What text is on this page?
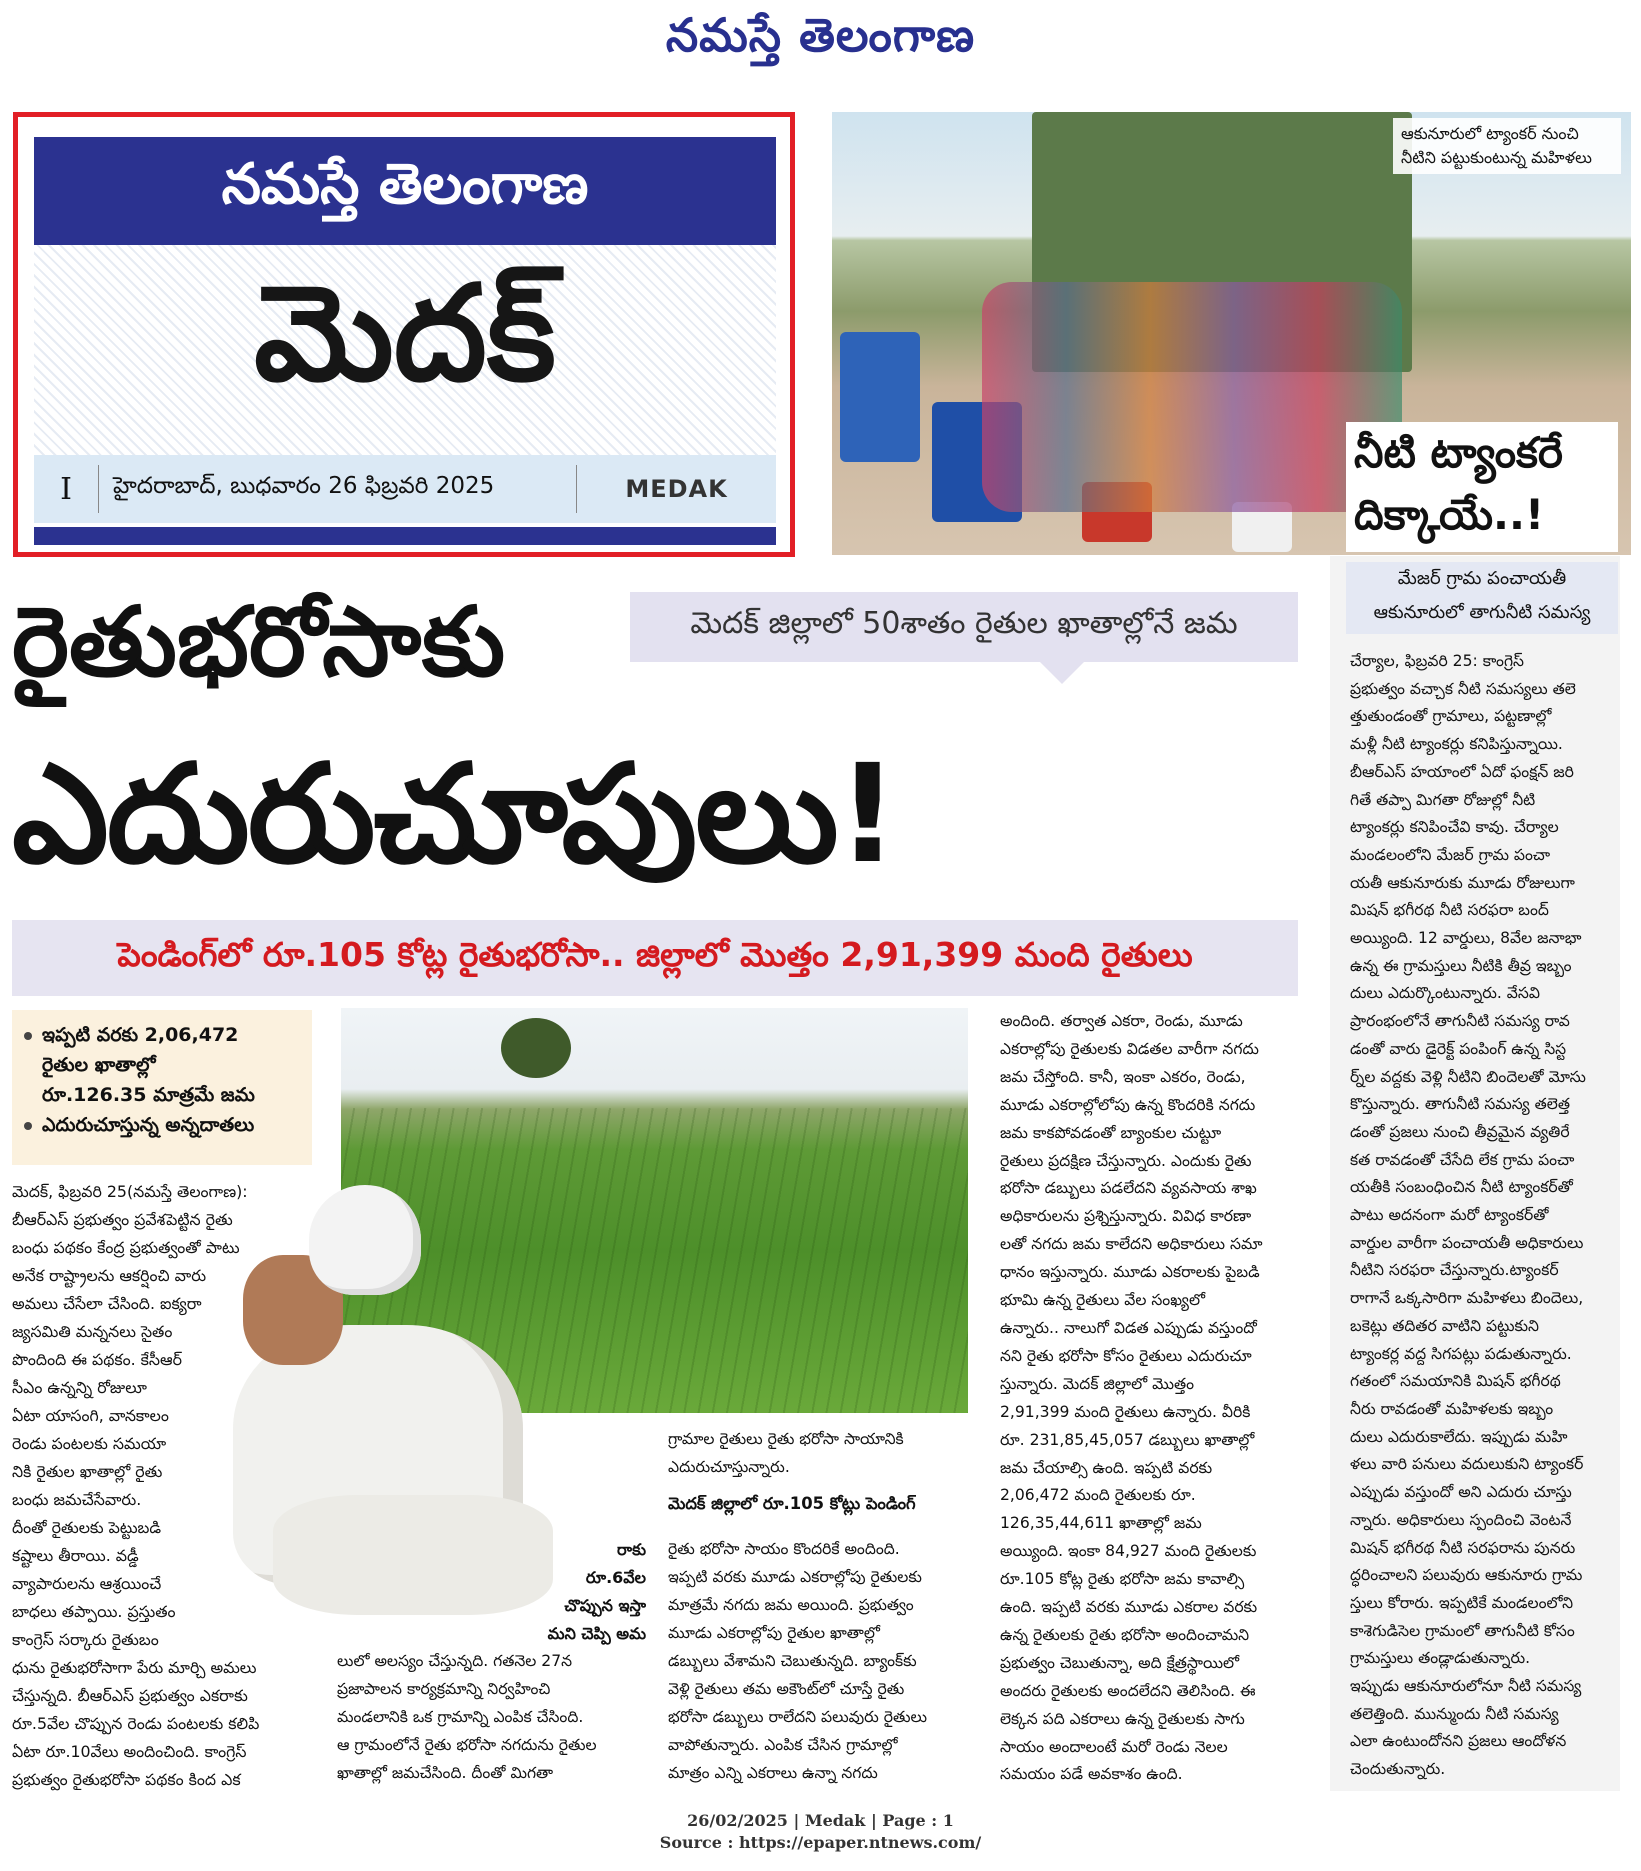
నమస్తే తెలంగాణ
నమస్తే తెలంగాణ
మెదక్
I	హైదరాబాద్, బుధవారం 26 ఫిబ్రవరి 2025	MEDAK
ఆకునూరులో ట్యాంకర్ నుంచి
నీటిని పట్టుకుంటున్న మహిళలు
నీటి ట్యాంకరే
దిక్కాయే..!
మేజర్ గ్రామ పంచాయతీ
ఆకునూరులో తాగునీటి సమస్య
చేర్యాల, ఫిబ్రవరి 25: కాంగ్రెస్
ప్రభుత్వం వచ్చాక నీటి సమస్యలు తలె
త్తుతుండంతో గ్రామాలు, పట్టణాల్లో
మళ్లీ నీటి ట్యాంకర్లు కనిపిస్తున్నాయి.
బీఆర్‌ఎస్ హయాంలో ఏదో ఫంక్షన్ జరి
గితే తప్పా మిగతా రోజుల్లో నీటి
ట్యాంకర్లు కనిపించేవి కావు. చేర్యాల
మండలంలోని మేజర్ గ్రామ పంచా
యతీ ఆకునూరుకు మూడు రోజులుగా
మిషన్ భగీరథ నీటి సరఫరా బంద్
అయ్యింది. 12 వార్డులు, 8వేల జనాభా
ఉన్న ఈ గ్రామస్తులు నీటికి తీవ్ర ఇబ్బం
దులు ఎదుర్కొంటున్నారు. వేసవి
ప్రారంభంలోనే తాగునీటి సమస్య రావ
డంతో వారు డైరెక్ట్ పంపింగ్ ఉన్న సిస్ట
ర్న్‌ల వద్దకు వెళ్లి నీటిని బిందెలతో మోసు
కొస్తున్నారు. తాగునీటి సమస్య తలెత్త
డంతో ప్రజలు నుంచి తీవ్రమైన వ్యతిరే
కత రావడంతో చేసేది లేక గ్రామ పంచా
యతీకి సంబంధించిన నీటి ట్యాంకర్‌తో
పాటు అదనంగా మరో ట్యాంకర్‌తో
వార్డుల వారీగా పంచాయతీ అధికారులు
నీటిని సరఫరా చేస్తున్నారు.ట్యాంకర్
రాగానే ఒక్కసారిగా మహిళలు బిందెలు,
బకెట్లు తదితర వాటిని పట్టుకుని
ట్యాంకర్ల వద్ద సిగపట్లు పడుతున్నారు.
గతంలో సమయానికి మిషన్ భగీరథ
నీరు రావడంతో మహిళలకు ఇబ్బం
దులు ఎదురుకాలేదు. ఇప్పుడు మహి
ళలు వారి పనులు వదులుకుని ట్యాంకర్
ఎప్పుడు వస్తుందో అని ఎదురు చూస్తు
న్నారు. అధికారులు స్పందించి వెంటనే
మిషన్ భగీరథ నీటి సరఫరాను పునరు
ద్ధరించాలని పలువురు ఆకునూరు గ్రామ
స్తులు కోరారు. ఇప్పటికే మండలంలోని
కాశెగుడిసెల గ్రామంలో తాగునీటి కోసం
గ్రామస్తులు తండ్లాడుతున్నారు.
ఇప్పుడు ఆకునూరులోనూ నీటి సమస్య
తలెత్తింది. మున్ముందు నీటి సమస్య
ఎలా ఉంటుందోనని ప్రజలు ఆందోళన
చెందుతున్నారు.
రైతుభరోసాకు	మెదక్ జిల్లాలో 50శాతం రైతుల ఖాతాల్లోనే జమ
ఎదురుచూపులు!
పెండింగ్‌లో రూ.105 కోట్ల రైతుభరోసా.. జిల్లాలో మొత్తం 2,91,399 మంది రైతులు
ఇప్పటి వరకు 2,06,472
రైతుల ఖాతాల్లో
రూ.126.35 మాత్రమే జమ
ఎదురుచూస్తున్న అన్నదాతలు
మెదక్, ఫిబ్రవరి 25(నమస్తే తెలంగాణ):
బీఆర్‌ఎస్ ప్రభుత్వం ప్రవేశపెట్టిన రైతు
బంధు పథకం కేంద్ర ప్రభుత్వంతో పాటు
అనేక రాష్ట్రాలను ఆకర్షించి వారు
అమలు చేసేలా చేసింది. ఐక్యరా
జ్యసమితి మన్ననలు సైతం
పొందింది ఈ పథకం. కేసీఆర్
సీఎం ఉన్నన్ని రోజులూ
ఏటా యాసంగి, వానకాలం
రెండు పంటలకు సమయా
నికి రైతుల ఖాతాల్లో రైతు
బంధు జమచేసేవారు.
దీంతో రైతులకు పెట్టుబడి
కష్టాలు తీరాయి. వడ్డీ
వ్యాపారులను ఆశ్రయించే
బాధలు తప్పాయి. ప్రస్తుతం
కాంగ్రెస్ సర్కారు రైతుబం
ధును రైతుభరోసాగా పేరు మార్చి అమలు
చేస్తున్నది. బీఆర్‌ఎస్ ప్రభుత్వం ఎకరాకు
రూ.5వేల చొప్పున రెండు పంటలకు కలిపి
ఏటా రూ.10వేలు అందించింది. కాంగ్రెస్
ప్రభుత్వం రైతుభరోసా పథకం కింద ఎక
రాకు
రూ.6వేల
చొప్పున ఇస్తా
మని చెప్పి అమ
లులో అలస్యం చేస్తున్నది. గతనెల 27న
ప్రజాపాలన కార్యక్రమాన్ని నిర్వహించి
మండలానికి ఒక గ్రామాన్ని ఎంపిక చేసింది.
ఆ గ్రామంలోనే రైతు భరోసా నగదును రైతుల
ఖాతాల్లో జమచేసింది. దీంతో మిగతా
గ్రామాల రైతులు రైతు భరోసా సాయానికి
ఎదురుచూస్తున్నారు.
మెదక్ జిల్లాలో రూ.105 కోట్లు పెండింగ్
రైతు భరోసా సాయం కొందరికే అందింది.
ఇప్పటి వరకు మూడు ఎకరాల్లోపు రైతులకు
మాత్రమే నగదు జమ అయింది. ప్రభుత్వం
మూడు ఎకరాల్లోపు రైతుల ఖాతాల్లో
డబ్బులు వేశామని చెబుతున్నది. బ్యాంక్‌కు
వెళ్లి రైతులు తమ అకౌంట్‌లో చూస్తే రైతు
భరోసా డబ్బులు రాలేదని పలువురు రైతులు
వాపోతున్నారు. ఎంపిక చేసిన గ్రామాల్లో
మాత్రం ఎన్ని ఎకరాలు ఉన్నా నగదు
అందింది. తర్వాత ఎకరా, రెండు, మూడు
ఎకరాల్లోపు రైతులకు విడతల వారీగా నగదు
జమ చేస్తోంది. కానీ, ఇంకా ఎకరం, రెండు,
మూడు ఎకరాల్లోలోపు ఉన్న కొందరికి నగదు
జమ కాకపోవడంతో బ్యాంకుల చుట్టూ
రైతులు ప్రదక్షిణ చేస్తున్నారు. ఎందుకు రైతు
భరోసా డబ్బులు పడలేదని వ్యవసాయ శాఖ
అధికారులను ప్రశ్నిస్తున్నారు. వివిధ కారణా
లతో నగదు జమ కాలేదని అధికారులు సమా
ధానం ఇస్తున్నారు. మూడు ఎకరాలకు పైబడి
భూమి ఉన్న రైతులు వేల సంఖ్యలో
ఉన్నారు.. నాలుగో విడత ఎప్పుడు వస్తుందో
నని రైతు భరోసా కోసం రైతులు ఎదురుచూ
స్తున్నారు. మెదక్ జిల్లాలో మొత్తం
2,91,399 మంది రైతులు ఉన్నారు. వీరికి
రూ. 231,85,45,057 డబ్బులు ఖాతాల్లో
జమ చేయాల్సి ఉంది. ఇప్పటి వరకు
2,06,472 మంది రైతులకు రూ.
126,35,44,611 ఖాతాల్లో జమ
అయ్యింది. ఇంకా 84,927 మంది రైతులకు
రూ.105 కోట్ల రైతు భరోసా జమ కావాల్సి
ఉంది. ఇప్పటి వరకు మూడు ఎకరాల వరకు
ఉన్న రైతులకు రైతు భరోసా అందించామని
ప్రభుత్వం చెబుతున్నా, అది క్షేత్రస్థాయిలో
అందరు రైతులకు అందలేదని తెలిసింది. ఈ
లెక్కన పది ఎకరాలు ఉన్న రైతులకు సాగు
సాయం అందాలంటే మరో రెండు నెలల
సమయం పడే అవకాశం ఉంది.
26/02/2025 | Medak | Page : 1
Source : https://epaper.ntnews.com/
